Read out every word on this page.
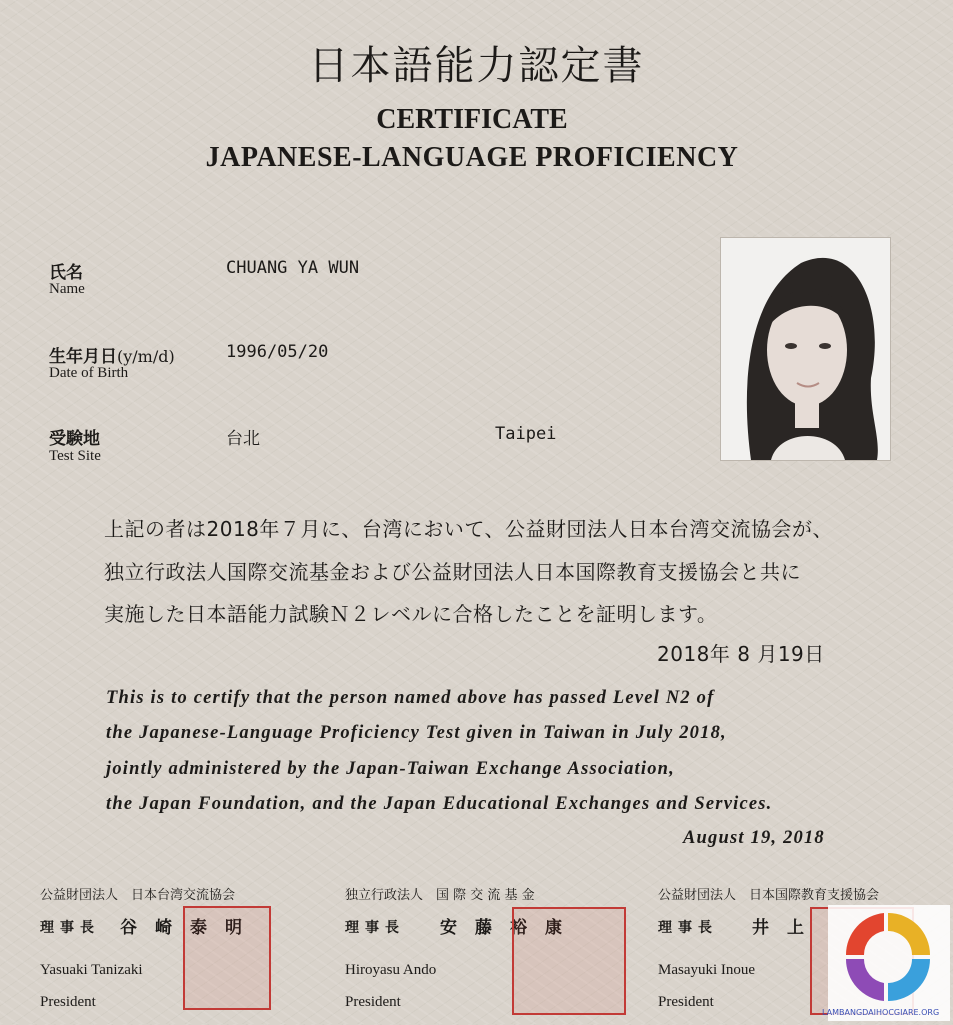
日本語能力認定書
CERTIFICATE
JAPANESE-LANGUAGE PROFICIENCY
氏名
Name
CHUANG YA WUN
生年月日(y/m/d)
Date of Birth
1996/05/20
受験地
Test Site
台北	Taipei
上記の者は2018年７月に、台湾において、公益財団法人日本台湾交流協会が、
独立行政法人国際交流基金および公益財団法人日本国際教育支援協会と共に
実施した日本語能力試験Ｎ２レベルに合格したことを証明します。
2018年 8 月19日
This is to certify that the person named above has passed Level N2 of
the Japanese-Language Proficiency Test given in Taiwan in July 2018,
jointly administered by the Japan-Taiwan Exchange Association,
the Japan Foundation, and the Japan Educational Exchanges and Services.
August 19, 2018
公益財団法人　日本台湾交流協会
理事長 谷崎泰明
Yasuaki Tanizaki
President
独立行政法人　国 際 交 流 基 金
理事長 安藤裕康
Hiroyasu Ando
President
公益財団法人　日本国際教育支援協会
理事長 井上
Masayuki Inoue
President
LAMBANGDAIHOCGIARE.ORG
